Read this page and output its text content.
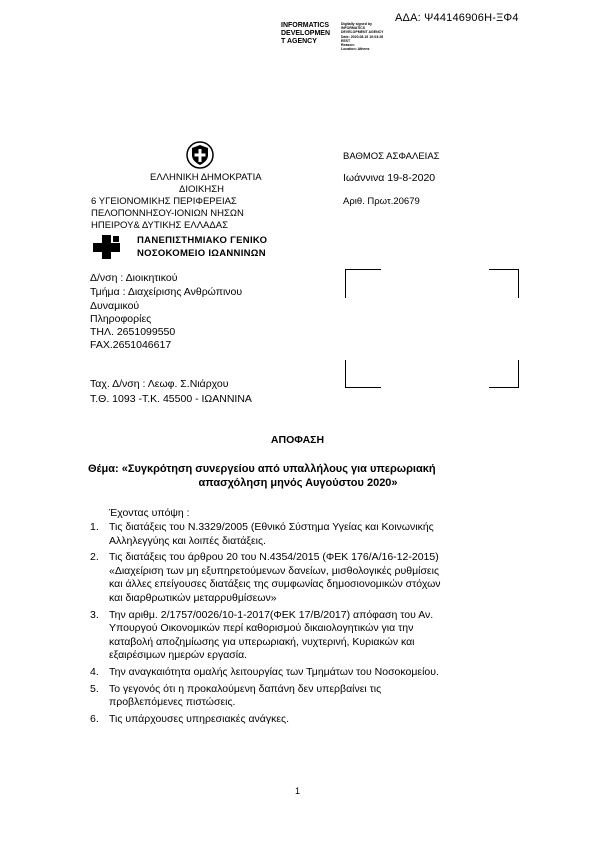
ΑΔΑ: Ψ44146906Η-ΞΦ4
INFORMATICS
DEVELOPMEN
T AGENCY
Digitally signed by
INFORMATICS
DEVELOPMENT AGENCY
Date: 2020.08.19 10:03:26
EEST
Reason:
Location: Athens
ΕΛΛΗΝΙΚΗ ΔΗΜΟΚΡΑΤΙΑ
ΔΙΟΙΚΗΣΗ
6 ΥΓΕΙΟΝΟΜΙΚΗΣ ΠΕΡΙΦΕΡΕΙΑΣ
ΠΕΛΟΠΟΝΝΗΣΟΥ-ΙΟΝΙΩΝ ΝΗΣΩΝ
ΗΠΕΙΡΟΥ& ΔΥΤΙΚΗΣ ΕΛΛΑΔΑΣ
ΠΑΝΕΠΙΣΤΗΜΙΑΚΟ ΓΕΝΙΚΟ
ΝΟΣΟΚΟΜΕΙΟ ΙΩΑΝΝΙΝΩΝ
ΒΑΘΜΟΣ ΑΣΦΑΛΕΙΑΣ
Ιωάννινα 19-8-2020
Αριθ. Πρωτ.20679
Δ/νση : Διοικητικού
Τμήμα : Διαχείρισης Ανθρώπινου
Δυναμικού
Πληροφορίες
ΤΗΛ. 2651099550
FAX.2651046617
Ταχ. Δ/νση : Λεωφ. Σ.Νιάρχου
Τ.Θ. 1093 -Τ.Κ. 45500 - ΙΩΑΝΝΙΝΑ
ΑΠΟΦΑΣΗ
Θέμα: «Συγκρότηση συνεργείου από υπαλλήλους για υπερωριακή
απασχόληση μηνός Αυγούστου 2020»
Έχοντας υπόψη :
1. Τις διατάξεις του Ν.3329/2005 (Εθνικό Σύστημα Υγείας και Κοινωνικής
Αλληλεγγύης και λοιπές διατάξεις.
2. Τις διατάξεις του άρθρου 20 του Ν.4354/2015 (ΦΕΚ 176/Α/16-12-2015)
«Διαχείριση των μη εξυπηρετούμενων δανείων, μισθολογικές ρυθμίσεις
και άλλες επείγουσες διατάξεις της συμφωνίας δημοσιονομικών στόχων
και διαρθρωτικών μεταρρυθμίσεων»
3. Την αριθμ. 2/1757/0026/10-1-2017(ΦΕΚ 17/Β/2017) απόφαση του Αν.
Υπουργού Οικονομικών περί καθορισμού δικαιολογητικών για την
καταβολή αποζημίωσης για υπερωριακή, νυχτερινή, Κυριακών και
εξαιρέσιμων ημερών εργασία.
4. Την αναγκαιότητα ομαλής λειτουργίας των Τμημάτων του Νοσοκομείου.
5. Το γεγονός ότι η προκαλούμενη δαπάνη δεν υπερβαίνει τις
προβλεπόμενες πιστώσεις.
6. Τις υπάρχουσες υπηρεσιακές ανάγκες.
1
